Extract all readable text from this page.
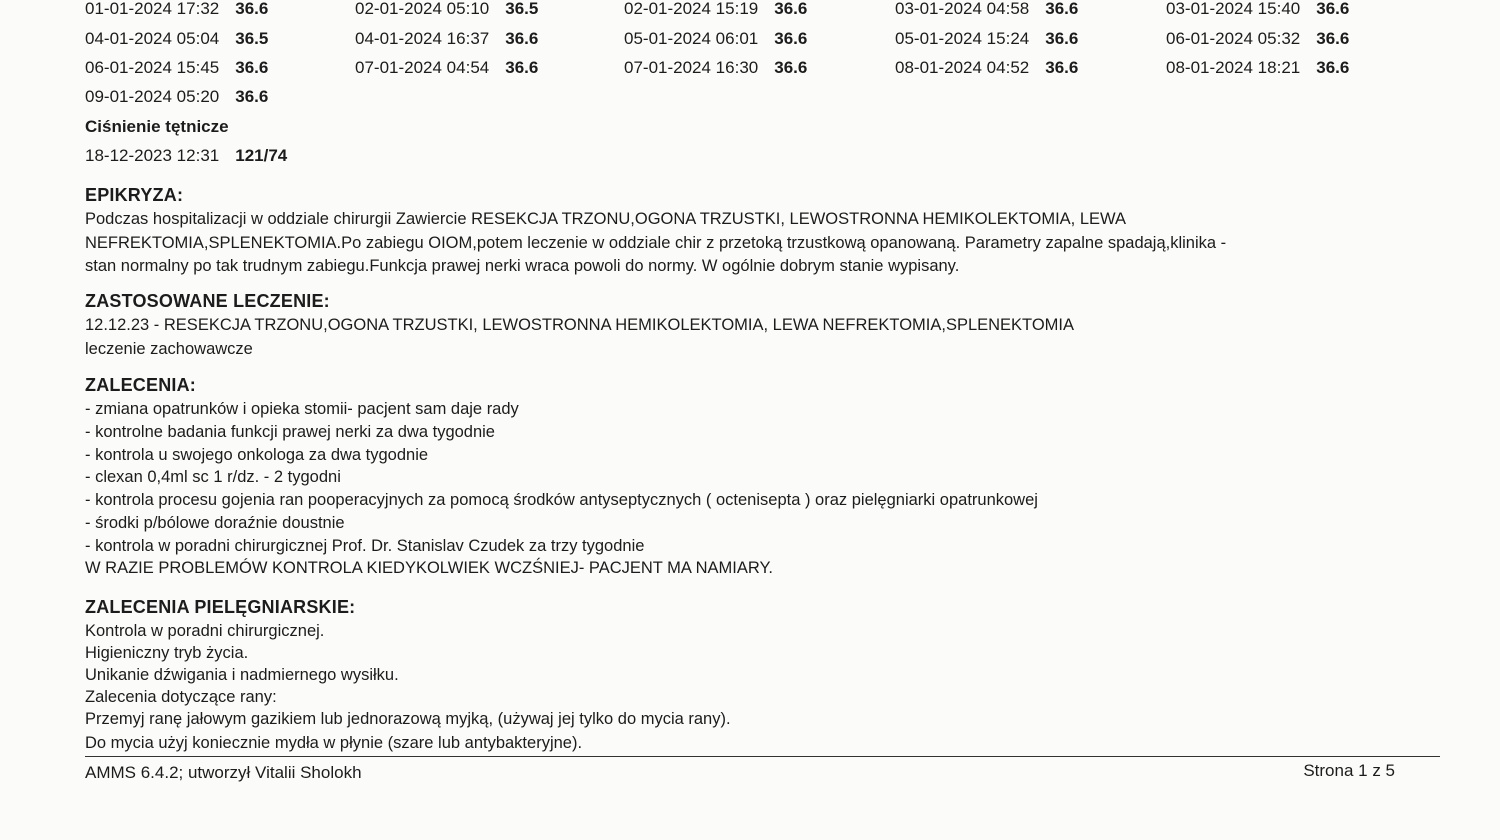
01-01-2024 17:32 36.6	02-01-2024 05:10 36.5	02-01-2024 15:19 36.6	03-01-2024 04:58 36.6	03-01-2024 15:40 36.6
04-01-2024 05:04 36.5	04-01-2024 16:37 36.6	05-01-2024 06:01 36.6	05-01-2024 15:24 36.6	06-01-2024 05:32 36.6
06-01-2024 15:45 36.6	07-01-2024 04:54 36.6	07-01-2024 16:30 36.6	08-01-2024 04:52 36.6	08-01-2024 18:21 36.6
09-01-2024 05:20 36.6
Ciśnienie tętnicze
18-12-2023 12:31 121/74
EPIKRYZA:
Podczas hospitalizacji w oddziale chirurgii Zawiercie RESEKCJA TRZONU,OGONA TRZUSTKI, LEWOSTRONNA HEMIKOLEKTOMIA, LEWA
NEFREKTOMIA,SPLENEKTOMIA.Po zabiegu OIOM,potem leczenie w oddziale chir z przetoką trzustkową opanowaną. Parametry zapalne spadają,klinika -
stan normalny po tak trudnym zabiegu.Funkcja prawej nerki wraca powoli do normy. W ogólnie dobrym stanie wypisany.
ZASTOSOWANE LECZENIE:
12.12.23 - RESEKCJA TRZONU,OGONA TRZUSTKI, LEWOSTRONNA HEMIKOLEKTOMIA, LEWA NEFREKTOMIA,SPLENEKTOMIA
leczenie zachowawcze
ZALECENIA:
- zmiana opatrunków i opieka stomii- pacjent sam daje rady
- kontrolne badania funkcji prawej nerki za dwa tygodnie
- kontrola u swojego onkologa za dwa tygodnie
- clexan 0,4ml sc 1 r/dz. - 2 tygodni
- kontrola procesu gojenia ran pooperacyjnych za pomocą środków antyseptycznych ( octenisepta ) oraz pielęgniarki opatrunkowej
- środki p/bólowe doraźnie doustnie
- kontrola w poradni chirurgicznej Prof. Dr. Stanislav Czudek za trzy tygodnie
W RAZIE PROBLEMÓW KONTROLA KIEDYKOLWIEK WCZŚNIEJ- PACJENT MA NAMIARY.
ZALECENIA PIELĘGNIARSKIE:
Kontrola w poradni chirurgicznej.
Higieniczny tryb życia.
Unikanie dźwigania i nadmiernego wysiłku.
Zalecenia dotyczące rany:
Przemyj ranę jałowym gazikiem lub jednorazową myjką, (używaj jej tylko do mycia rany).
Do mycia użyj koniecznie mydła w płynie (szare lub antybakteryjne).
AMMS 6.4.2; utworzył Vitalii Sholokh	Strona 1 z 5
